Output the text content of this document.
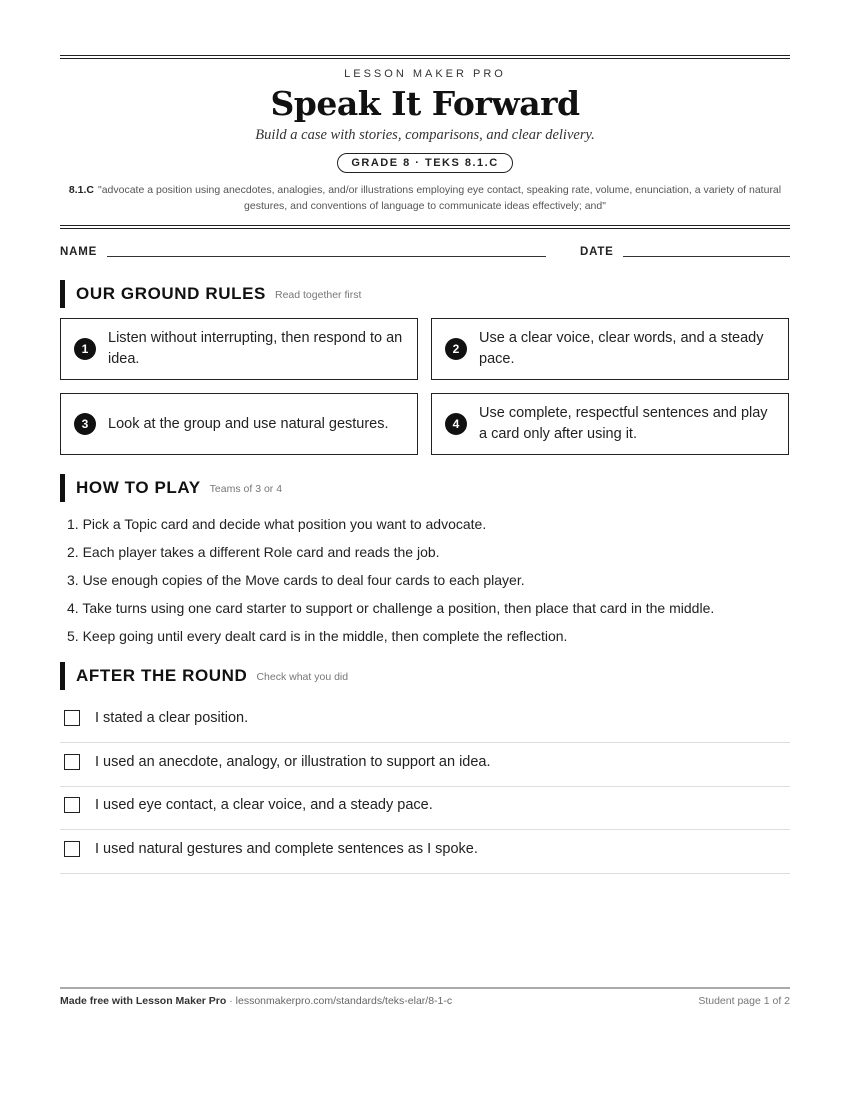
LESSON MAKER PRO
Speak It Forward
Build a case with stories, comparisons, and clear delivery.
GRADE 8 · TEKS 8.1.C
8.1.C "advocate a position using anecdotes, analogies, and/or illustrations employing eye contact, speaking rate, volume, enunciation, a variety of natural gestures, and conventions of language to communicate ideas effectively; and"
NAME	DATE
OUR GROUND RULES Read together first
1
Listen without interrupting, then respond to an idea.
2
Use a clear voice, clear words, and a steady pace.
3	Look at the group and use natural gestures.	4
Use complete, respectful sentences and play a card only after using it.
HOW TO PLAY Teams of 3 or 4
1. Pick a Topic card and decide what position you want to advocate.
2. Each player takes a different Role card and reads the job.
3. Use enough copies of the Move cards to deal four cards to each player.
4. Take turns using one card starter to support or challenge a position, then place that card in the middle.
5. Keep going until every dealt card is in the middle, then complete the reflection.
AFTER THE ROUND Check what you did
I stated a clear position.
I used an anecdote, analogy, or illustration to support an idea.
I used eye contact, a clear voice, and a steady pace.
I used natural gestures and complete sentences as I spoke.
Made free with Lesson Maker Pro · lessonmakerpro.com/standards/teks-elar/8-1-c	Student page 1 of 2
